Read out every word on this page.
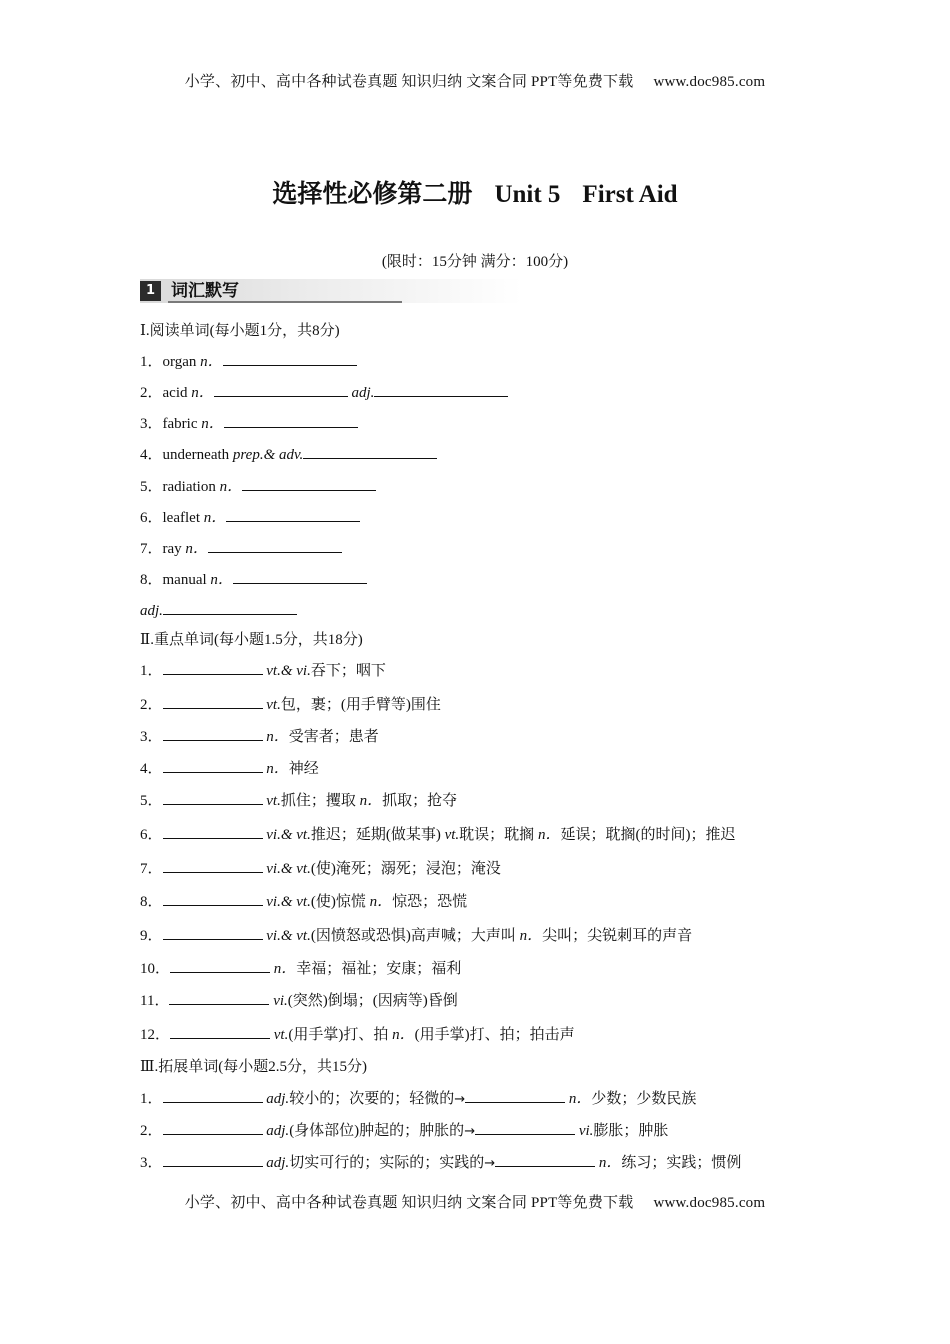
小学、初中、高中各种试卷真题 知识归纳 文案合同 PPT等免费下载 www.doc985.com
选择性必修第二册 Unit 5 First Aid
(限时：15分钟 满分：100分)
1 词汇默写
Ⅰ.阅读单词(每小题1分，共8分)
1．organ n．
2．acid n．	adj.
3．fabric n．
4．underneath prep.& adv.
5．radiation n．
6．leaflet n．
7．ray n．
8．manual n．
adj.
Ⅱ.重点单词(每小题1.5分，共18分)
1．	vt.& vi.吞下；咽下
2．	vt.包，裹；(用手臂等)围住
3．	n．受害者；患者
4．	n．神经
5．	vt.抓住；攫取 n．抓取；抢夺
6．	vi.& vt.推迟；延期(做某事) vt.耽误；耽搁 n．延误；耽搁(的时间)；推迟
7．	vi.& vt.(使)淹死；溺死；浸泡；淹没
8．	vi.& vt.(使)惊慌 n．惊恐；恐慌
9．	vi.& vt.(因愤怒或恐惧)高声喊；大声叫 n．尖叫；尖锐刺耳的声音
10．	n．幸福；福祉；安康；福利
11．	vi.(突然)倒塌；(因病等)昏倒
12．	vt.(用手掌)打、拍 n．(用手掌)打、拍；拍击声
Ⅲ.拓展单词(每小题2.5分，共15分)
1．	adj.较小的；次要的；轻微的→	n．少数；少数民族
2．	adj.(身体部位)肿起的；肿胀的→	vi.膨胀；肿胀
3．	adj.切实可行的；实际的；实践的→	n．练习；实践；惯例
小学、初中、高中各种试卷真题 知识归纳 文案合同 PPT等免费下载 www.doc985.com
